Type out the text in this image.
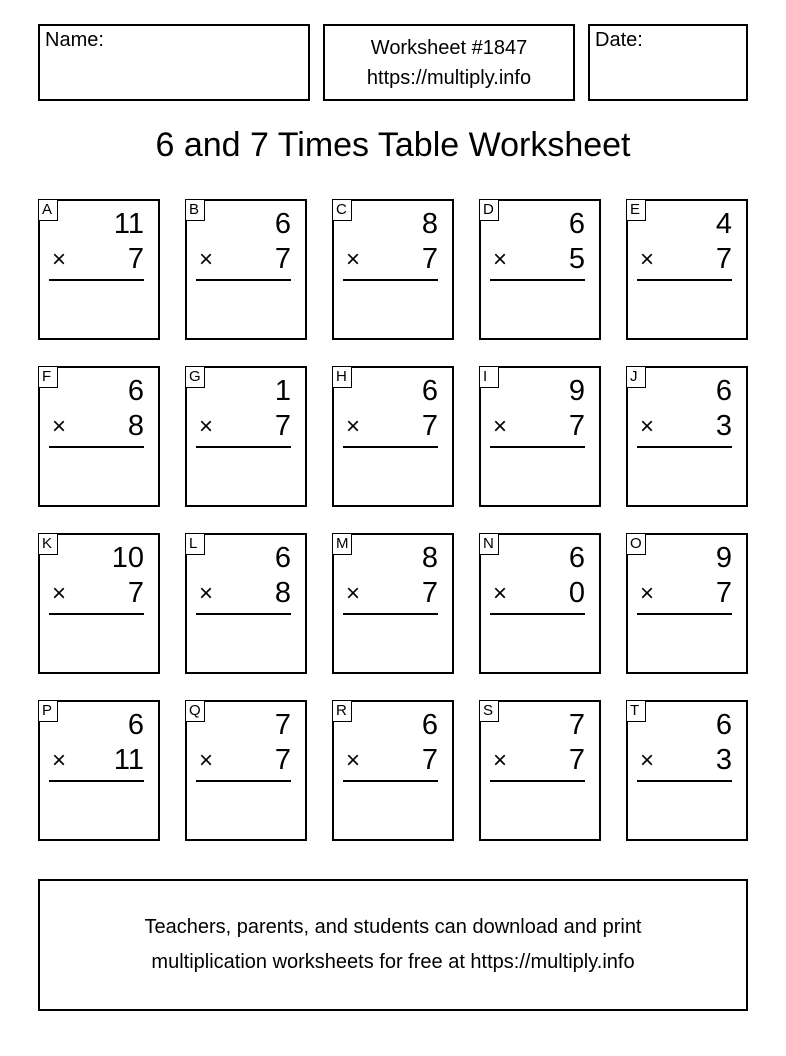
Name:	Worksheet #1847
https://multiply.info
Date:
6 and 7 Times Table Worksheet
A 11
× 7
B	6
× 7
C	8
× 7
D	6
× 5
E	4
× 7
F	6
× 8
G	1
× 7
H	6
× 7
I	9
× 7
J	6
× 3
K 10
× 7
L	6
× 8
M	8
× 7
N	6
× 0
O	9
× 7
P	6
× 11
Q	7
× 7
R	6
× 7
S	7
× 7
T	6
× 3
Teachers, parents, and students can download and print
multiplication worksheets for free at https://multiply.info
